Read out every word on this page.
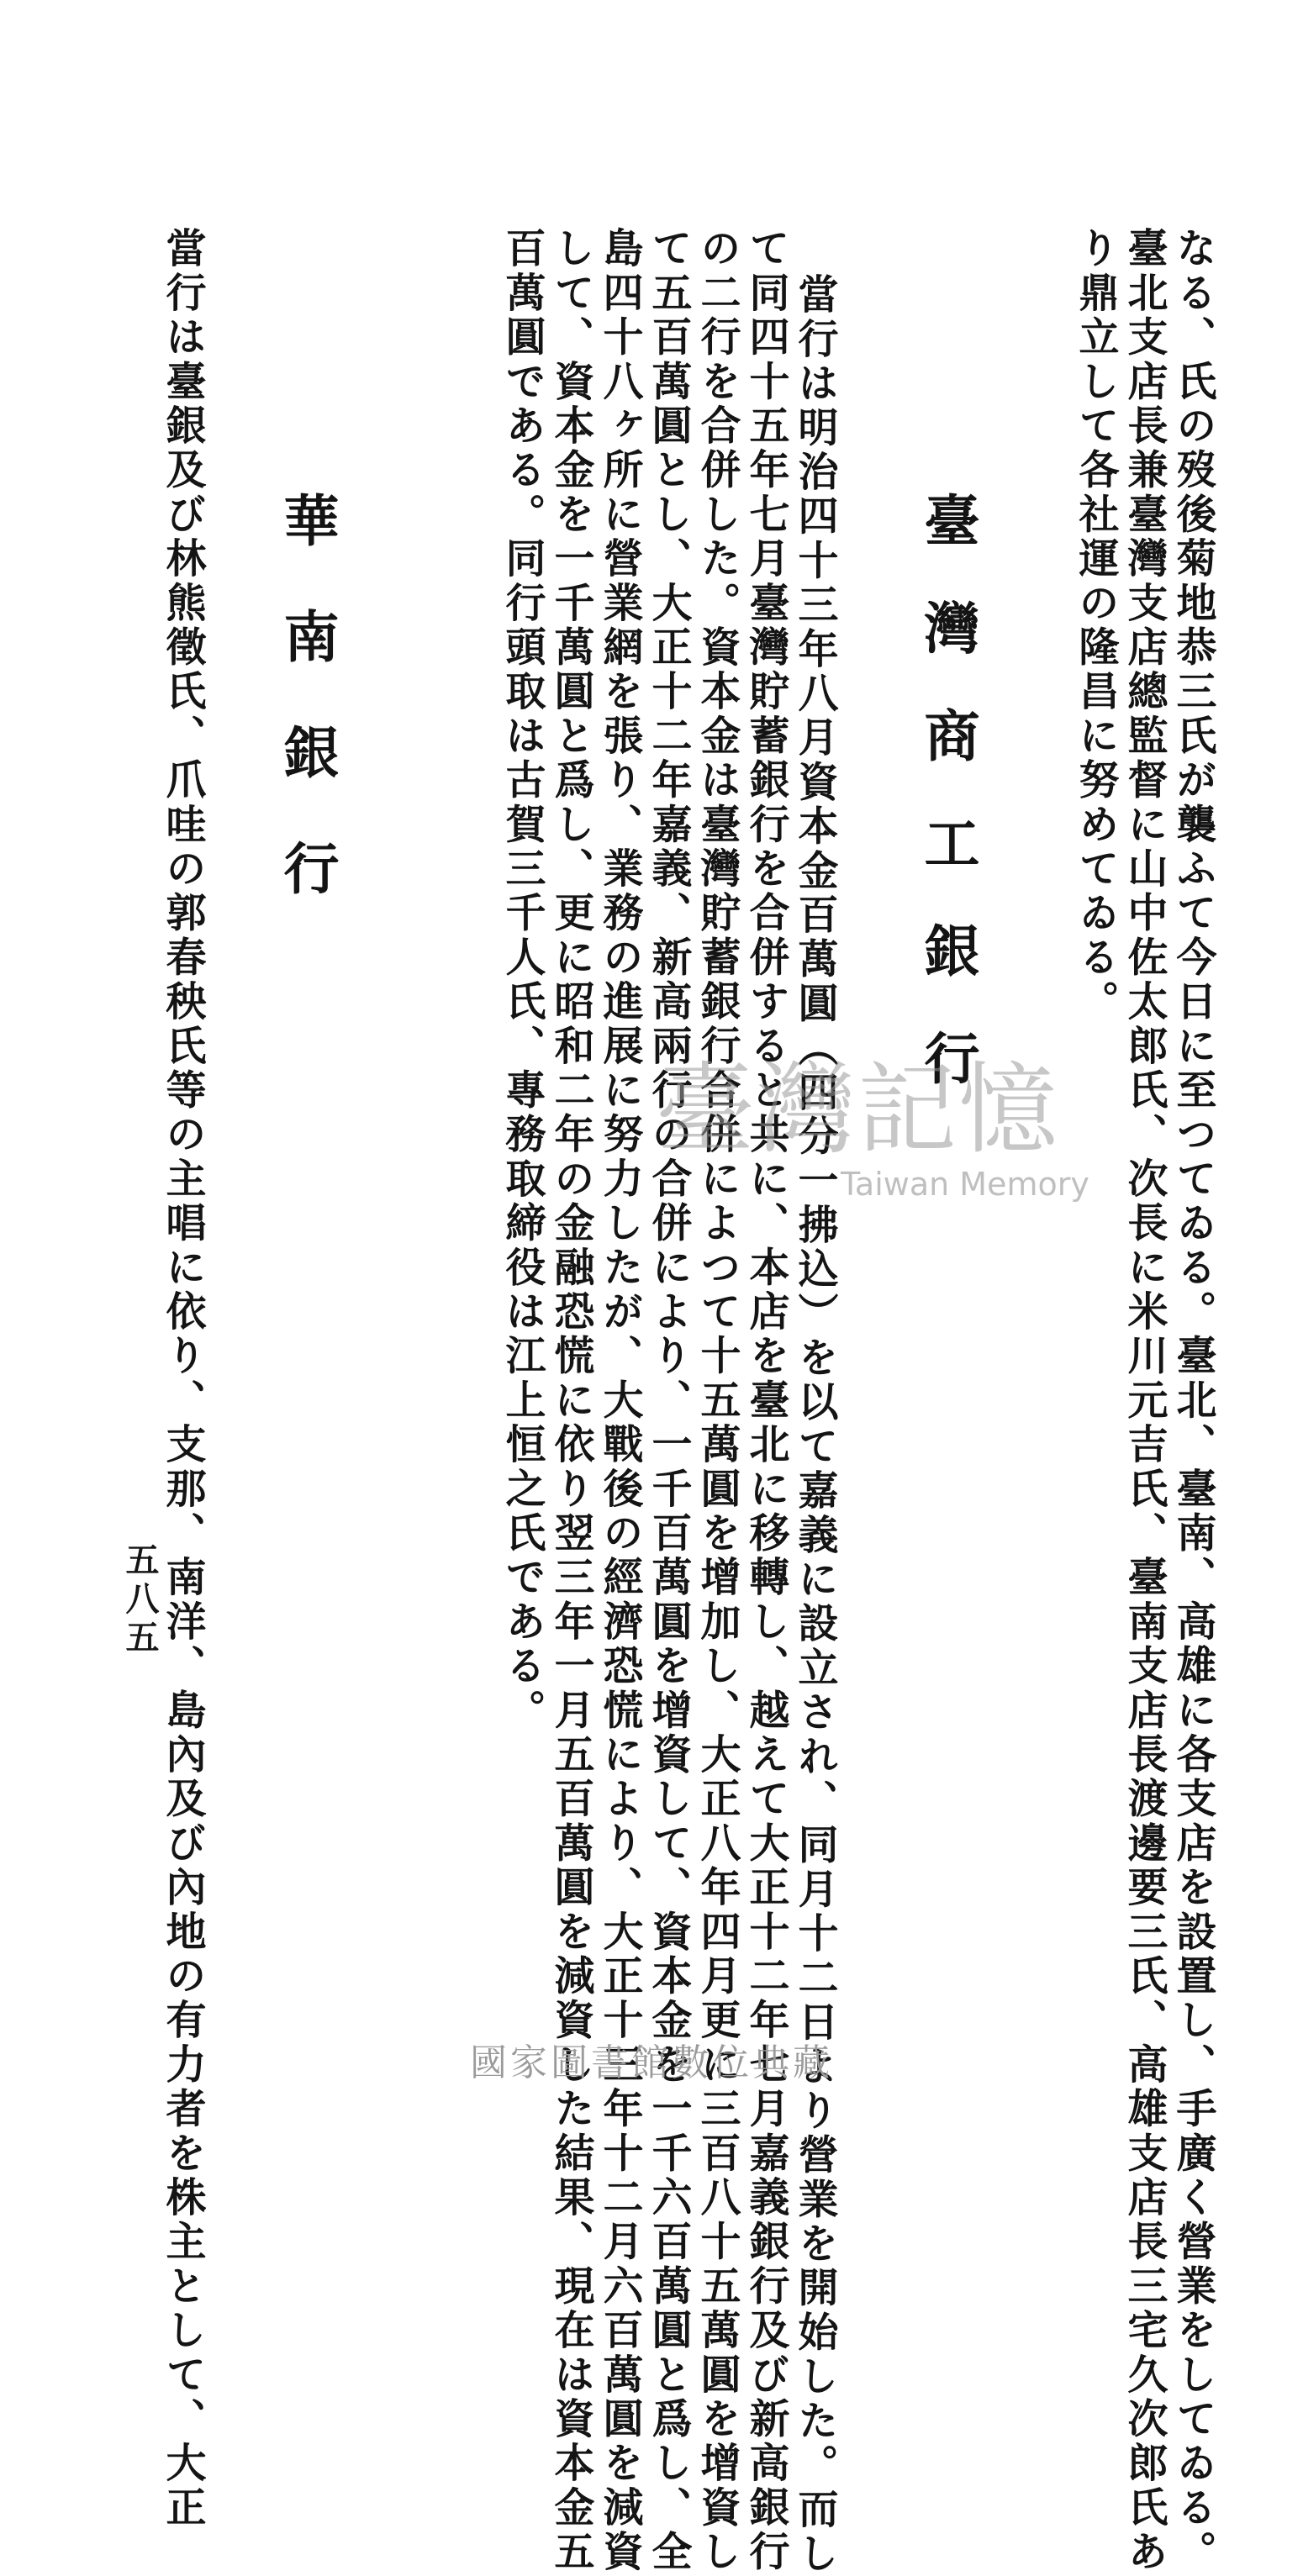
なる、氏の歿後菊地恭三氏が襲ふて今日に至つてゐる。臺北、臺南、高雄に各支店を設置し、手廣く營業をしてゐる。
臺北支店長兼臺灣支店總監督に山中佐太郎氏、次長に米川元吉氏、臺南支店長渡邊要三氏、高雄支店長三宅久次郎氏あ
り鼎立して各社運の隆昌に努めてゐる。
臺灣商工銀行
當行は明治四十三年八月資本金百萬圓（四分一拂込）を以て嘉義に設立され、同月十二日より營業を開始した。而し
て同四十五年七月臺灣貯蓄銀行を合併すると共に、本店を臺北に移轉し、越えて大正十二年七月嘉義銀行及び新高銀行
の二行を合併した。資本金は臺灣貯蓄銀行合併によつて十五萬圓を增加し、大正八年四月更に三百八十五萬圓を增資し
て五百萬圓とし、大正十二年嘉義、新高兩行の合併により、一千百萬圓を增資して、資本金を一千六百萬圓と爲し、全
島四十八ヶ所に營業網を張り、業務の進展に努力したが、大戰後の經濟恐慌により、大正十三年十二月六百萬圓を減資
して、資本金を一千萬圓と爲し、更に昭和二年の金融恐慌に依り翌三年一月五百萬圓を減資した結果、現在は資本金五
百萬圓である。同行頭取は古賀三千人氏、專務取締役は江上恒之氏である。
華南銀行
當行は臺銀及び林熊徵氏、爪哇の郭春秧氏等の主唱に依り、支那、南洋、島內及び內地の有力者を株主として、大正
五八五
臺灣記憶
Taiwan Memory
國家圖書館數位典藏
